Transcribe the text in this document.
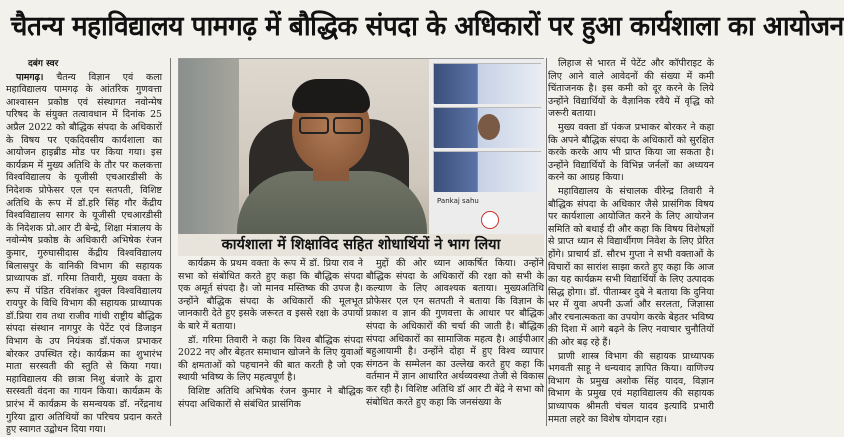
चैतन्य महाविद्यालय पामगढ़ में बौद्धिक संपदा के अधिकारों पर हुआ कार्यशाला का आयोजन

दबंग स्वर

पामगढ़। चैतन्य विज्ञान एवं कला महाविद्यालय पामगढ़ के आंतरिक गुणवत्ता आश्वासन प्रकोष्ठ एवं संस्थागत नवोन्मेष परिषद के संयुक्त तत्वावधान में दिनांक 25 अप्रैल 2022 को बौद्धिक संपदा के अधिकारों के विषय पर एकदिवसीय कार्यशाला का आयोजन हाइब्रीड मोड पर किया गया। इस कार्यक्रम में मुख्य अतिथि के तौर पर कलकत्ता विश्वविद्यालय के यूजीसी एचआरडीसी के निदेशक प्रोफेसर एल एन सतपती, विशिष्ट अतिथि के रूप में डॉ.हरि सिंह गौर केंद्रीय विश्वविद्यालय सागर के यूजीसी एचआरडीसी के निदेशक प्रो.आर टी बेन्द्रे, शिक्षा मंत्रालय के नवोन्मेष प्रकोष्ठ के अधिकारी अभिषेक रंजन कुमार, गुरुघासीदास केंद्रीय विश्वविद्यालय बिलासपुर के वानिकी विभाग की सहायक प्राध्यापक डॉ. गरिमा तिवारी, मुख्य वक्ता के रूप में पंडित रविशंकर शुक्ल विश्वविद्यालय रायपुर के विधि विभाग की सहायक प्राध्यापक डॉ.प्रिया राव तथा राजीव गांधी राष्ट्रीय बौद्धिक संपदा संस्थान नागपुर के पेटेंट एवं डिजाइन विभाग के उप नियंत्रक डॉ.पंकज प्रभाकर बोरकर उपस्थित रहे। कार्यक्रम का शुभारंभ माता सरस्वती की स्तुति से किया गया। महाविद्यालय की छात्रा निशु बंजारे के द्वारा सरस्वती वंदना का गायन किया। कार्यक्रम के प्रारंभ में कार्यक्रम के समन्वयक डॉ. नरेंद्रनाथ गुरिया द्वारा अतिथियों का परिचय प्रदान करते हुए स्वागत उद्बोधन दिया गया।

Pankaj sahu
कार्यशाला में शिक्षाविद सहित शोधार्थियों ने भाग लिया

कार्यक्रम के प्रथम वक्ता के रूप में डॉ. प्रिया राव ने सभा को संबोधित करते हुए कहा कि बौद्धिक संपदा एक अमूर्त संपदा है। जो मानव मस्तिष्क की उपज है। उन्होंने बौद्धिक संपदा के अधिकारों की मूलभूत जानकारी देते हुए इसके जरूरत व इससे रक्षा के उपायों के बारे में बताया।

डॉ. गरिमा तिवारी ने कहा कि विश्व बौद्धिक संपदा 2022 नए और बेहतर समाधान खोजने के लिए युवाओं की क्षमताओं को पहचानने की बात करती है जो एक स्थायी भविष्य के लिए महत्वपूर्ण है।

विशिष्ट अतिथि अभिषेक रंजन कुमार ने बौद्धिक संपदा अधिकारों से संबंधित प्रासंगिक

मुद्दों की ओर ध्यान आकर्षित किया। उन्होंने बौद्धिक संपदा के अधिकारों की रक्षा को सभी के कल्याण के लिए आवश्यक बताया। मुख्यअतिथि प्रोफेसर एल एन सतपती ने बताया कि विज्ञान के प्रकाश व ज्ञान की गुणवत्ता के आधार पर बौद्धिक संपदा के अधिकारों की चर्चा की जाती है। बौद्धिक संपदा अधिकारों का सामाजिक महत्व है। आईपीआर बहुआयामी है। उन्होंने दोहा में हुए विश्व व्यापार संगठन के सम्मेलन का उल्लेख करते हुए कहा कि वर्तमान में ज्ञान आधारित अर्थव्यवस्था तेजी से विकास कर रही है। विशिष्ट अतिथि डॉ आर टी बेंद्रे ने सभा को संबोधित करते हुए कहा कि जनसंख्या के

लिहाज से भारत में पेटेंट और कॉपीराइट के लिए आने वाले आवेदनों की संख्या में कमी चिंताजनक है। इस कमी को दूर करने के लिये उन्होंने विद्यार्थियों के वैज्ञानिक रवैये में वृद्धि को जरूरी बताया।

मुख्य वक्ता डॉ पंकज प्रभाकर बोरकर ने कहा कि अपने बौद्धिक संपदा के अधिकारों को सुरक्षित करके करके आप भी प्राप्त किया जा सकता है। उन्होंने विद्यार्थियों के विभिन्न जर्नलों का अध्ययन करने का आग्रह किया।

महाविद्यालय के संचालक वीरेन्द्र तिवारी ने बौद्धिक संपदा के अधिकार जैसे प्रासंगिक विषय पर कार्यशाला आयोजित करने के लिए आयोजन समिति को बधाई दी और कहा कि विषय विशेषज्ञों से प्राप्त ध्यान से विद्यार्थीगण निवेश के लिए प्रेरित होंगे। प्राचार्य डॉ. सौरभ गुप्ता ने सभी वक्ताओं के विचारों का सारांश साझा करते हुए कहा कि आज का यह कार्यक्रम सभी विद्यार्थियों के लिए उत्पादक सिद्ध होगा। डॉ. पीताम्बर दुबे ने बताया कि दुनिया भर में युवा अपनी ऊर्जा और सरलता, जिज्ञासा और रचनात्मकता का उपयोग करके बेहतर भविष्य की दिशा में आगे बढ़ने के लिए नवाचार चुनौतियों की ओर बढ़ रहे हैं।

प्राणी शास्त्र विभाग की सहायक प्राध्यापक भगवती साहू ने धन्यवाद ज्ञापित किया। वाणिज्य विभाग के प्रमुख अशोक सिंह यादव, विज्ञान विभाग के प्रमुख एवं महाविद्यालय की सहायक प्राध्यापक श्रीमती चंचल यादव इत्यादि प्रभारी ममता लहरे का विशेष योगदान रहा।
